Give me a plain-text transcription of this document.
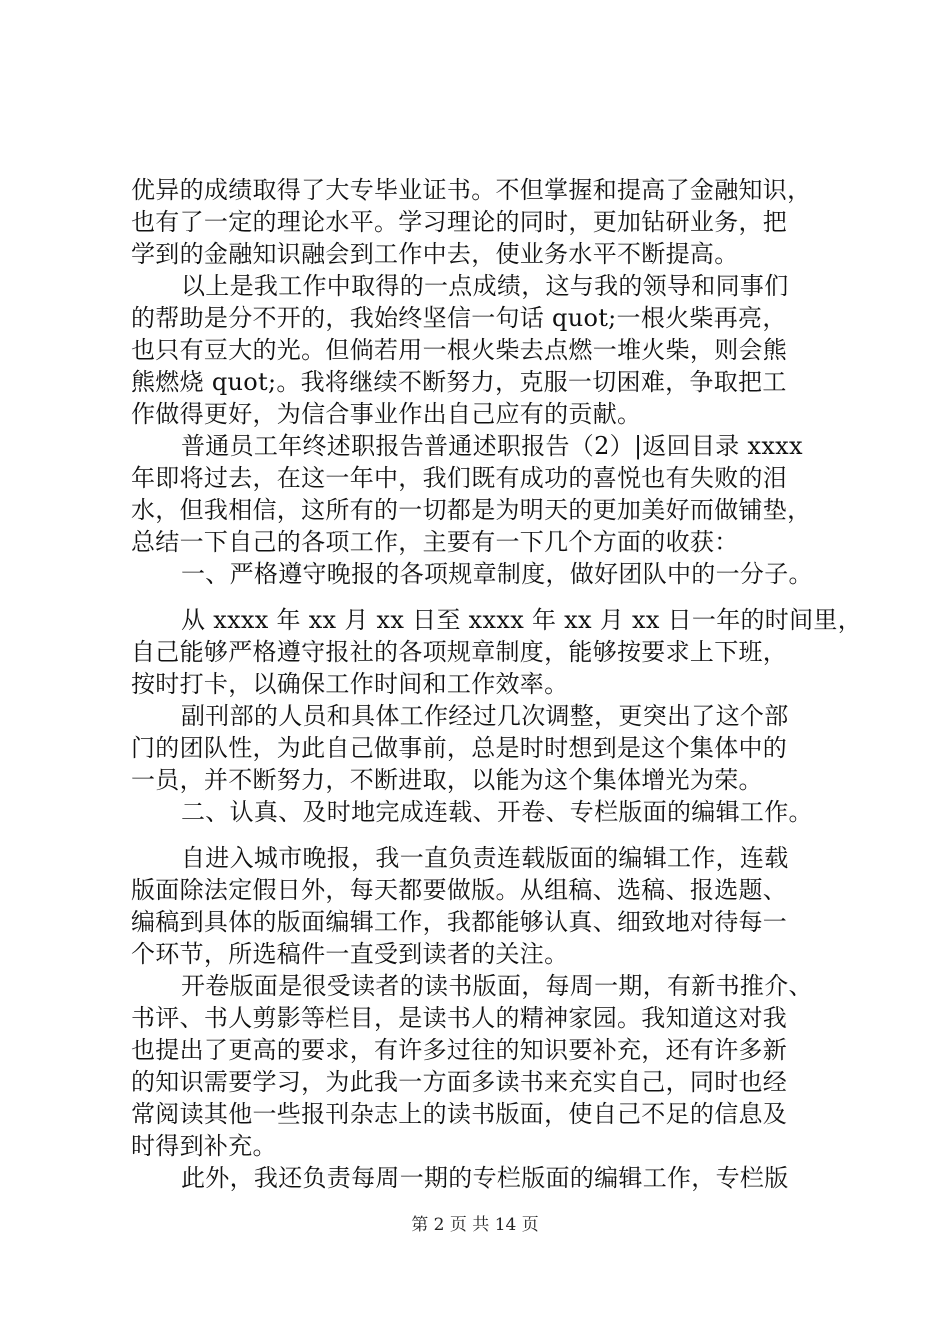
优异的成绩取得了大专毕业证书。不但掌握和提高了金融知识，
也有了一定的理论水平。学习理论的同时，更加钻研业务，把
学到的金融知识融会到工作中去，使业务水平不断提高。
以上是我工作中取得的一点成绩，这与我的领导和同事们
的帮助是分不开的，我始终坚信一句话 quot;一根火柴再亮，
也只有豆大的光。但倘若用一根火柴去点燃一堆火柴，则会熊
熊燃烧 quot;。我将继续不断努力，克服一切困难，争取把工
作做得更好，为信合事业作出自己应有的贡献。
普通员工年终述职报告普通述职报告（2）|返回目录 xxxx
年即将过去，在这一年中，我们既有成功的喜悦也有失败的泪
水，但我相信，这所有的一切都是为明天的更加美好而做铺垫，
总结一下自己的各项工作，主要有一下几个方面的收获：
一、严格遵守晚报的各项规章制度，做好团队中的一分子。
从 xxxx 年 xx 月 xx 日至 xxxx 年 xx 月 xx 日一年的时间里，
自己能够严格遵守报社的各项规章制度，能够按要求上下班，
按时打卡，以确保工作时间和工作效率。
副刊部的人员和具体工作经过几次调整，更突出了这个部
门的团队性，为此自己做事前，总是时时想到是这个集体中的
一员，并不断努力，不断进取，以能为这个集体增光为荣。
二、认真、及时地完成连载、开卷、专栏版面的编辑工作。
自进入城市晚报，我一直负责连载版面的编辑工作，连载
版面除法定假日外，每天都要做版。从组稿、选稿、报选题、
编稿到具体的版面编辑工作，我都能够认真、细致地对待每一
个环节，所选稿件一直受到读者的关注。
开卷版面是很受读者的读书版面，每周一期，有新书推介、
书评、书人剪影等栏目，是读书人的精神家园。我知道这对我
也提出了更高的要求，有许多过往的知识要补充，还有许多新
的知识需要学习，为此我一方面多读书来充实自己，同时也经
常阅读其他一些报刊杂志上的读书版面，使自己不足的信息及
时得到补充。
此外，我还负责每周一期的专栏版面的编辑工作，专栏版
第 2 页 共 14 页
